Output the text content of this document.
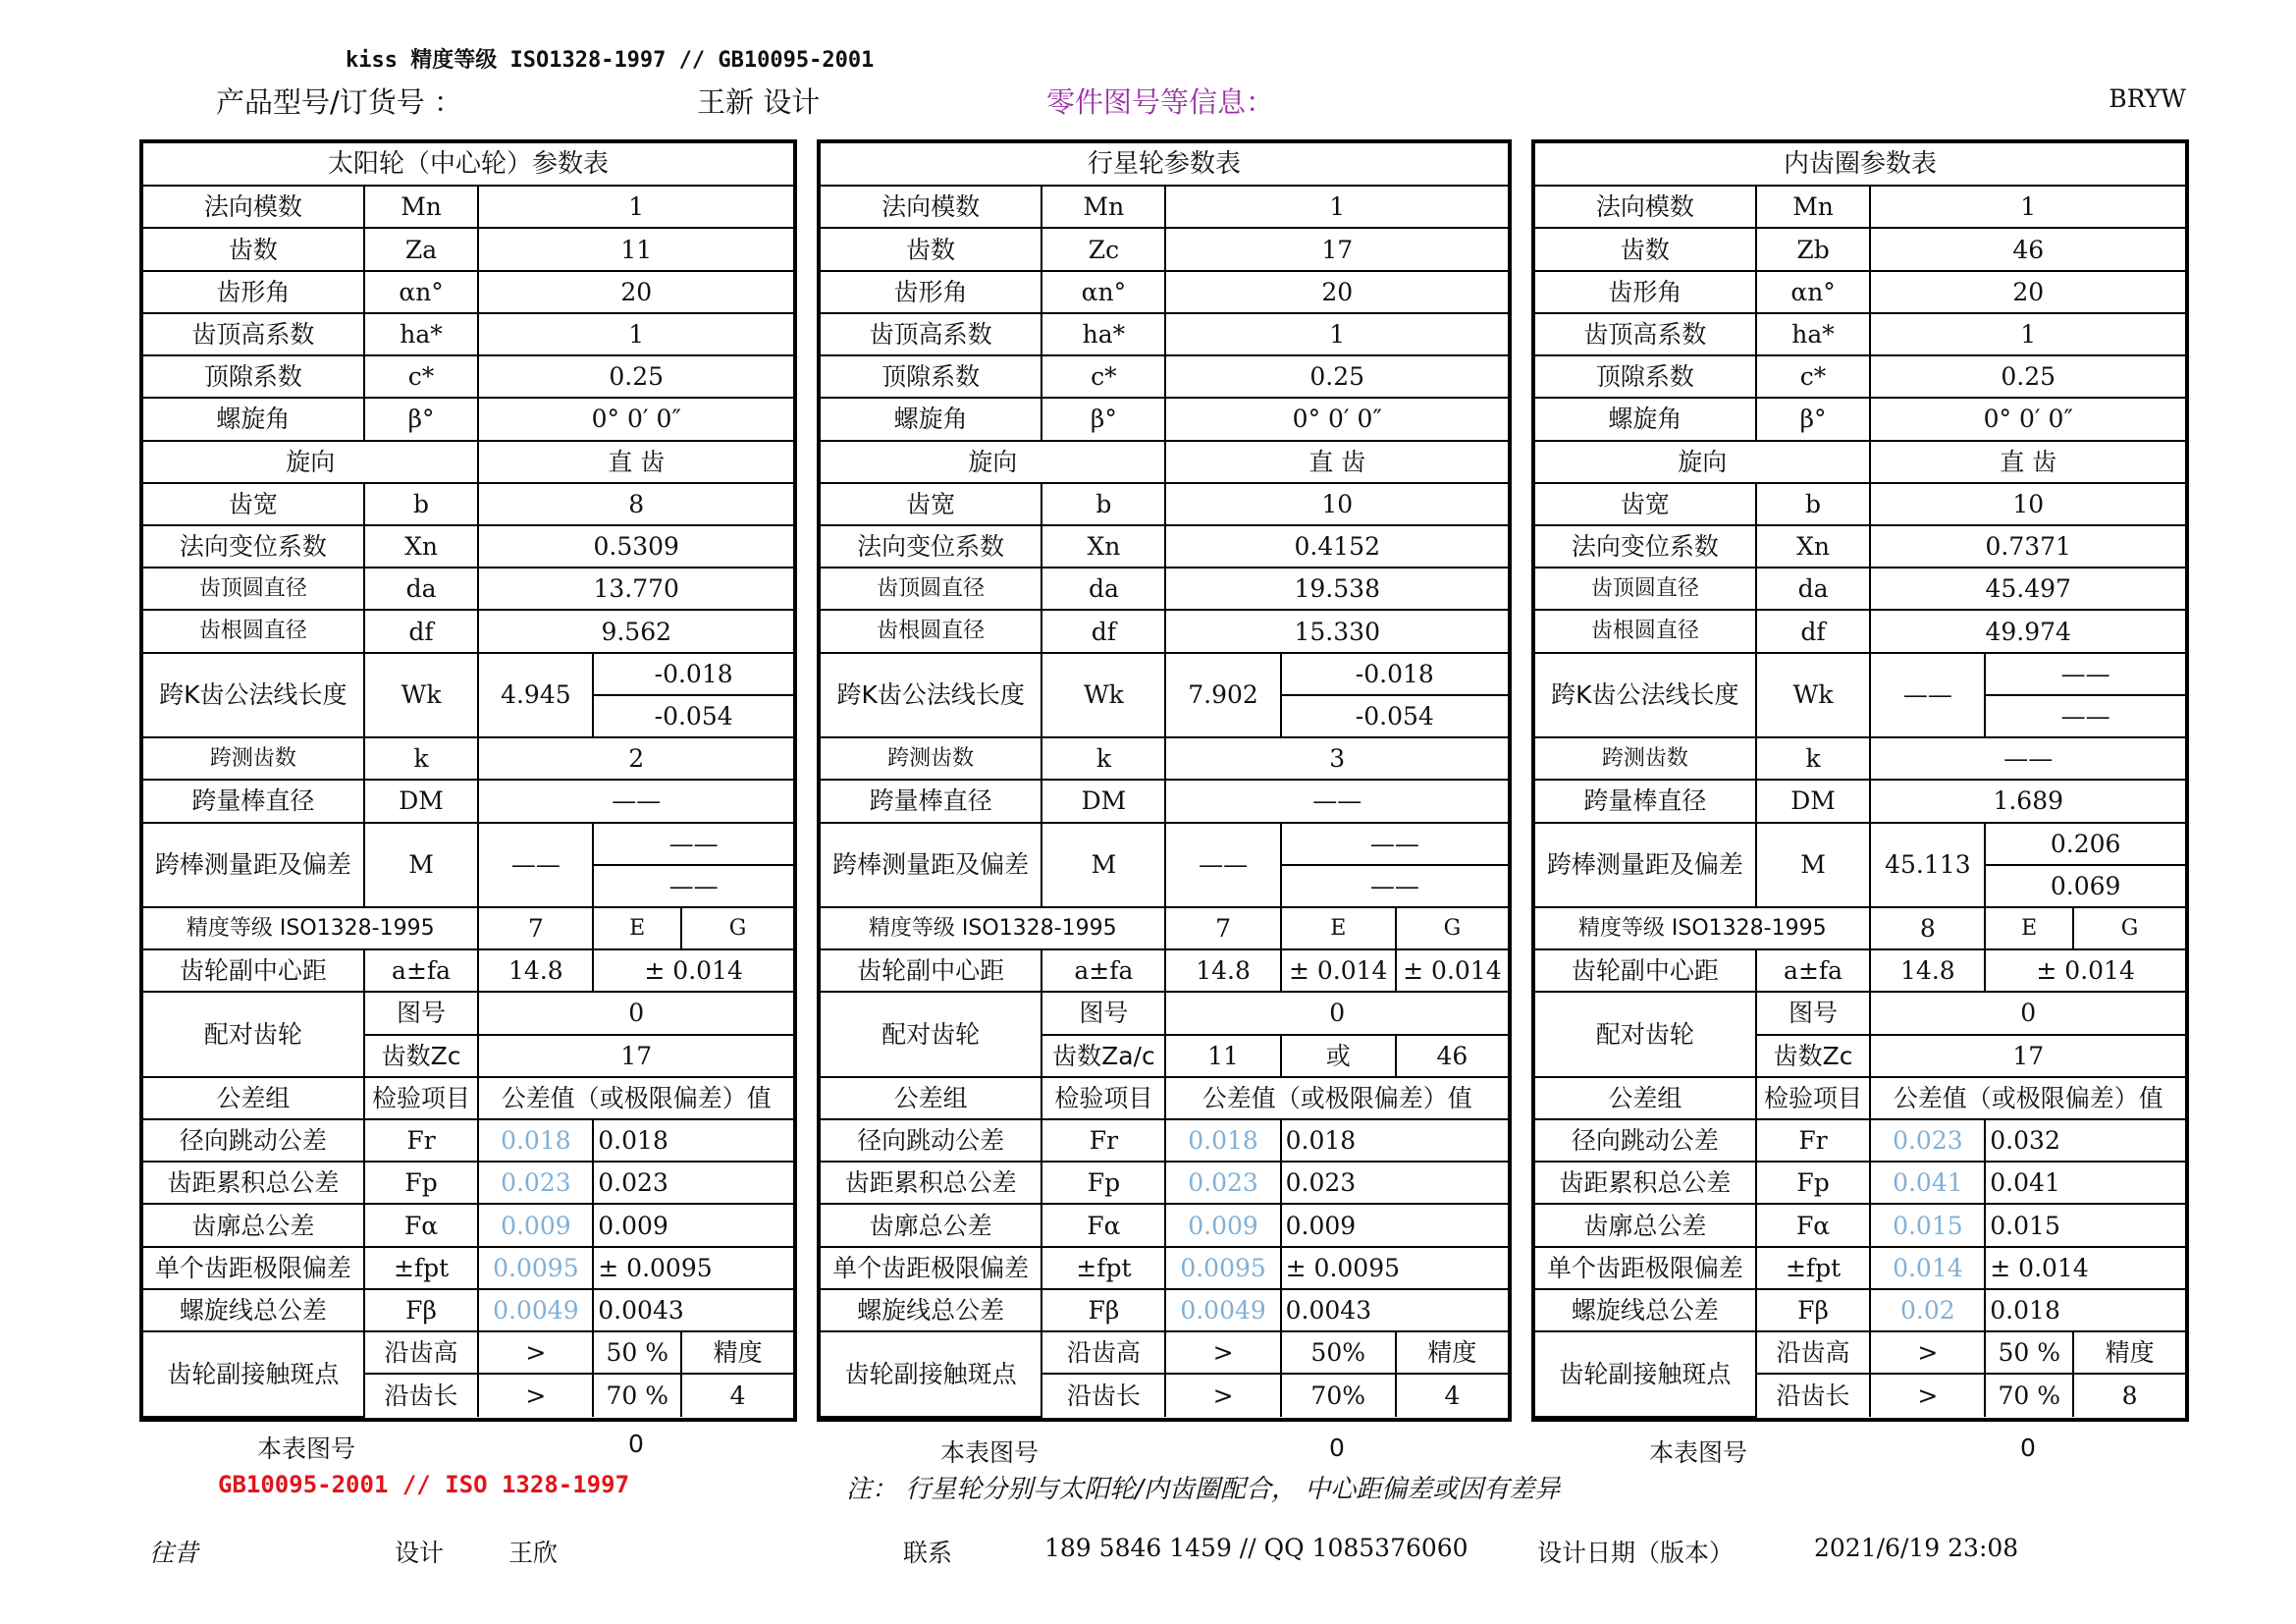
kiss 精度等级 ISO1328-1997 // GB10095-2001
产品型号/订货号 ：	王新 设计	零件图号等信息：	BRYW
太阳轮（中心轮）参数表
法向模数	Mn	1
齿数	Za	11
齿形角	αn°	20
齿顶高系数	ha*	1
顶隙系数	c*	0.25
螺旋角	β°	0° 0′ 0″
旋向	直 齿
齿宽	b	8
法向变位系数	Xn	0.5309
齿顶圆直径	da	13.770
齿根圆直径	df	9.562
跨K齿公法线长度	Wk	4.945	-0.018
-0.054
跨测齿数	k	2
跨量棒直径	DM	——
跨棒测量距及偏差	M	——	——
——
精度等级 ISO1328-1995	7	E	G
齿轮副中心距	a±fa	14.8	± 0.014
配对齿轮	图号	0
齿数Zc	17
公差组	检验项目	公差值（或极限偏差）值
径向跳动公差	Fr	0.018	0.018
齿距累积总公差	Fp	0.023	0.023
齿廓总公差	Fα	0.009	0.009
单个齿距极限偏差	±fpt	0.0095	± 0.0095
螺旋线总公差	Fβ	0.0049	0.0043
齿轮副接触斑点	沿齿高	>	50 %	精度
沿齿长	>	70 %	4
行星轮参数表
法向模数	Mn	1
齿数	Zc	17
齿形角	αn°	20
齿顶高系数	ha*	1
顶隙系数	c*	0.25
螺旋角	β°	0° 0′ 0″
旋向	直 齿
齿宽	b	10
法向变位系数	Xn	0.4152
齿顶圆直径	da	19.538
齿根圆直径	df	15.330
跨K齿公法线长度	Wk	7.902	-0.018
-0.054
跨测齿数	k	3
跨量棒直径	DM	——
跨棒测量距及偏差	M	——	——
——
精度等级 ISO1328-1995	7	E	G
齿轮副中心距	a±fa	14.8	± 0.014	± 0.014
配对齿轮	图号	0
齿数Za/c	11	或	46
公差组	检验项目	公差值（或极限偏差）值
径向跳动公差	Fr	0.018	0.018
齿距累积总公差	Fp	0.023	0.023
齿廓总公差	Fα	0.009	0.009
单个齿距极限偏差	±fpt	0.0095	± 0.0095
螺旋线总公差	Fβ	0.0049	0.0043
齿轮副接触斑点	沿齿高	>	50%	精度
沿齿长	>	70%	4
内齿圈参数表
法向模数	Mn	1
齿数	Zb	46
齿形角	αn°	20
齿顶高系数	ha*	1
顶隙系数	c*	0.25
螺旋角	β°	0° 0′ 0″
旋向	直 齿
齿宽	b	10
法向变位系数	Xn	0.7371
齿顶圆直径	da	45.497
齿根圆直径	df	49.974
跨K齿公法线长度	Wk	——	——
——
跨测齿数	k	——
跨量棒直径	DM	1.689
跨棒测量距及偏差	M	45.113	0.206
0.069
精度等级 ISO1328-1995	8	E	G
齿轮副中心距	a±fa	14.8	± 0.014
配对齿轮	图号	0
齿数Zc	17
公差组	检验项目	公差值（或极限偏差）值
径向跳动公差	Fr	0.023	0.032
齿距累积总公差	Fp	0.041	0.041
齿廓总公差	Fα	0.015	0.015
单个齿距极限偏差	±fpt	0.014	± 0.014
螺旋线总公差	Fβ	0.02	0.018
齿轮副接触斑点	沿齿高	>	50 %	精度
沿齿长	>	70 %	8
本表图号	0	本表图号	0	本表图号	0
GB10095-2001 // ISO 1328-1997	注： 行星轮分别与太阳轮/内齿圈配合， 中心距偏差或因有差异
往昔	设计	王欣	联系	189 5846 1459 // QQ 1085376060	设计日期（版本）	2021/6/19 23:08
